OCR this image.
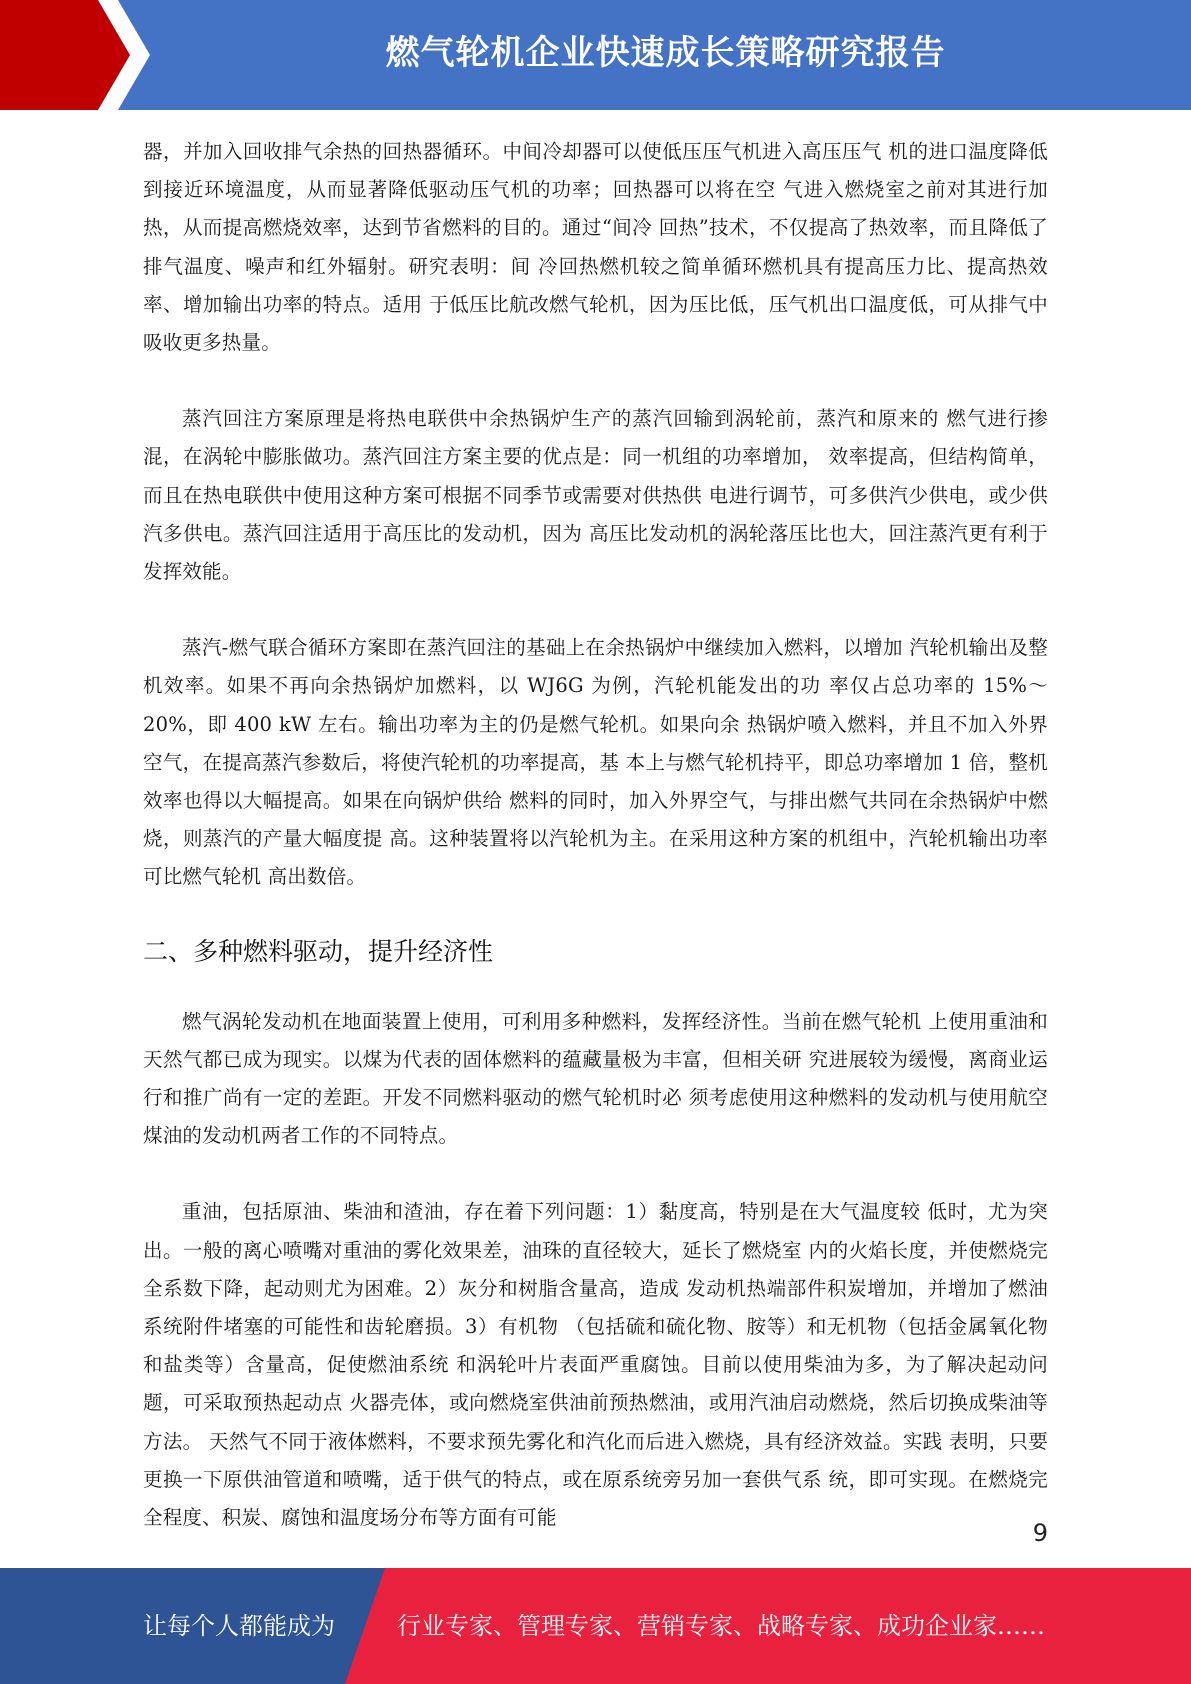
燃气轮机企业快速成长策略研究报告

器，并加入回收排气余热的回热器循环。中间冷却器可以使低压压气机进入高压压气 机的进口温度降低到接近环境温度，从而显著降低驱动压气机的功率；回热器可以将在空 气进入燃烧室之前对其进行加热，从而提高燃烧效率，达到节省燃料的目的。通过“间冷 回热”技术，不仅提高了热效率，而且降低了排气温度、噪声和红外辐射。研究表明：间 冷回热燃机较之简单循环燃机具有提高压力比、提高热效率、增加输出功率的特点。适用 于低压比航改燃气轮机，因为压比低，压气机出口温度低，可从排气中吸收更多热量。

蒸汽回注方案原理是将热电联供中余热锅炉生产的蒸汽回输到涡轮前，蒸汽和原来的 燃气进行掺混，在涡轮中膨胀做功。蒸汽回注方案主要的优点是：同一机组的功率增加， 效率提高，但结构简单，而且在热电联供中使用这种方案可根据不同季节或需要对供热供 电进行调节，可多供汽少供电，或少供汽多供电。蒸汽回注适用于高压比的发动机，因为 高压比发动机的涡轮落压比也大，回注蒸汽更有利于发挥效能。

蒸汽-燃气联合循环方案即在蒸汽回注的基础上在余热锅炉中继续加入燃料，以增加 汽轮机输出及整机效率。如果不再向余热锅炉加燃料，以 WJ6G 为例，汽轮机能发出的功 率仅占总功率的 15%～20%，即 400 kW 左右。输出功率为主的仍是燃气轮机。如果向余 热锅炉喷入燃料，并且不加入外界空气，在提高蒸汽参数后，将使汽轮机的功率提高，基 本上与燃气轮机持平，即总功率增加 1 倍，整机效率也得以大幅提高。如果在向锅炉供给 燃料的同时，加入外界空气，与排出燃气共同在余热锅炉中燃烧，则蒸汽的产量大幅度提 高。这种装置将以汽轮机为主。在采用这种方案的机组中，汽轮机输出功率可比燃气轮机 高出数倍。

二、多种燃料驱动，提升经济性

燃气涡轮发动机在地面装置上使用，可利用多种燃料，发挥经济性。当前在燃气轮机 上使用重油和天然气都已成为现实。以煤为代表的固体燃料的蕴藏量极为丰富，但相关研 究进展较为缓慢，离商业运行和推广尚有一定的差距。开发不同燃料驱动的燃气轮机时必 须考虑使用这种燃料的发动机与使用航空煤油的发动机两者工作的不同特点。

重油，包括原油、柴油和渣油，存在着下列问题：1）黏度高，特别是在大气温度较 低时，尤为突出。一般的离心喷嘴对重油的雾化效果差，油珠的直径较大，延长了燃烧室 内的火焰长度，并使燃烧完全系数下降，起动则尤为困难。2）灰分和树脂含量高，造成 发动机热端部件积炭增加，并增加了燃油系统附件堵塞的可能性和齿轮磨损。3）有机物 （包括硫和硫化物、胺等）和无机物（包括金属氧化物和盐类等）含量高，促使燃油系统 和涡轮叶片表面严重腐蚀。目前以使用柴油为多，为了解决起动问题，可采取预热起动点 火器壳体，或向燃烧室供油前预热燃油，或用汽油启动燃烧，然后切换成柴油等方法。 天然气不同于液体燃料，不要求预先雾化和汽化而后进入燃烧，具有经济效益。实践 表明，只要更换一下原供油管道和喷嘴，适于供气的特点，或在原系统旁另加一套供气系 统，即可实现。在燃烧完全程度、积炭、腐蚀和温度场分布等方面有可能

9
让每个人都能成为	行业专家、管理专家、营销专家、战略专家、成功企业家……
